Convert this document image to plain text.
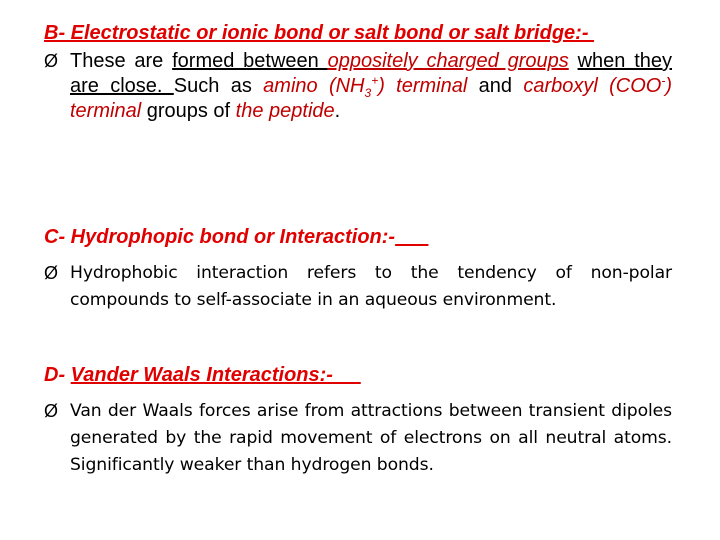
B- Electrostatic or ionic bond or salt bond or salt bridge:-

Ø These are formed between oppositely charged groups when they are close. Such as amino $(NH_3^+)$ terminal and carboxyl (COO-) terminal groups of the peptide.

C- Hydrophopic bond or Interaction:-

Ø Hydrophobic interaction refers to the tendency of non-polar compounds to self-associate in an aqueous environment.

D- Vander Waals Interactions:-

Ø Van der Waals forces arise from attractions between transient dipoles generated by the rapid movement of electrons on all neutral atoms. Significantly weaker than hydrogen bonds.
